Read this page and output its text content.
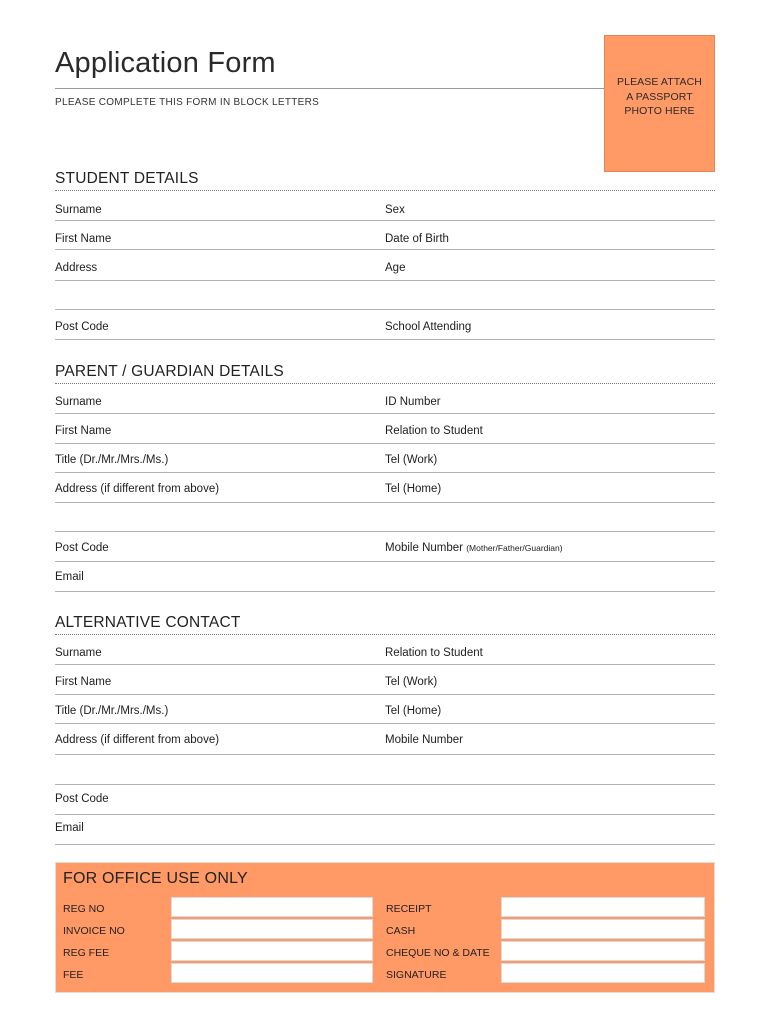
Application Form
PLEASE COMPLETE THIS FORM IN BLOCK LETTERS
PLEASE ATTACH
A PASSPORT
PHOTO HERE
STUDENT DETAILS
Surname	Sex
First Name	Date of Birth
Address	Age
Post Code	School Attending
PARENT / GUARDIAN DETAILS
Surname	ID Number
First Name	Relation to Student
Title (Dr./Mr./Mrs./Ms.)	Tel (Work)
Address (if different from above)	Tel (Home)
Post Code	Mobile Number (Mother/Father/Guardian)
Email
ALTERNATIVE CONTACT
Surname	Relation to Student
First Name	Tel (Work)
Title (Dr./Mr./Mrs./Ms.)	Tel (Home)
Address (if different from above)	Mobile Number
Post Code
Email
FOR OFFICE USE ONLY
REG NO	RECEIPT
INVOICE NO	CASH
REG FEE	CHEQUE NO & DATE
FEE	SIGNATURE
